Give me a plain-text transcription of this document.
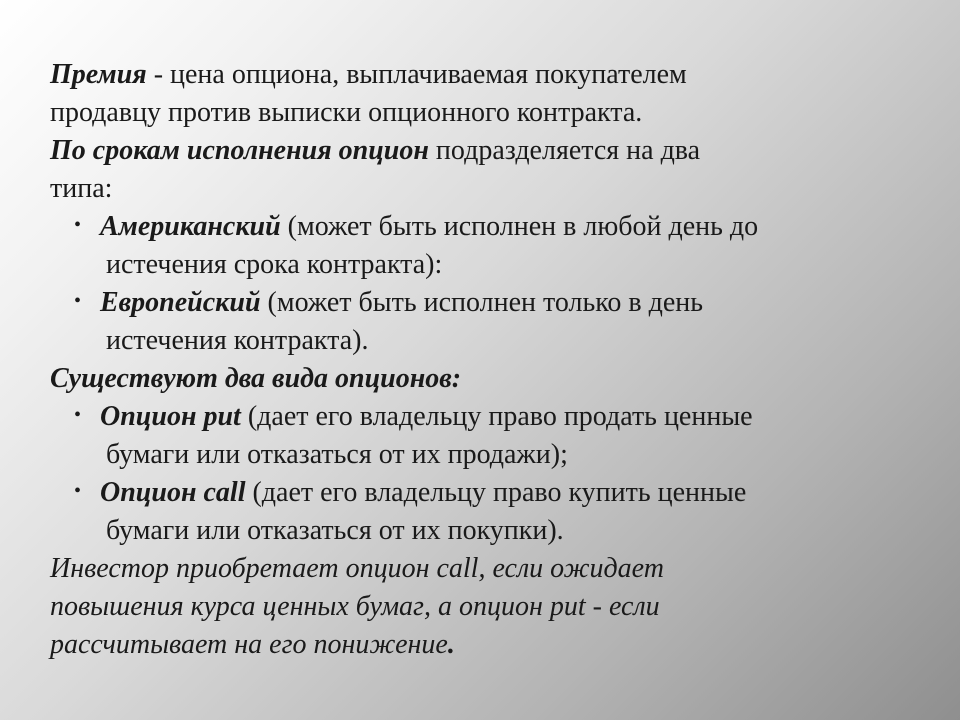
Премия - цена опциона, выплачиваемая покупателем
продавцу против выписки опционного контракта.
По срокам исполнения опцион подразделяется на два
типа:
• Американский (может быть исполнен в любой день до
истечения срока контракта):
• Европейский (может быть исполнен только в день
истечения контракта).
Существуют два вида опционов:
• Опцион put (дает его владельцу право продать ценные
бумаги или отказаться от их продажи);
• Опцион call (дает его владельцу право купить ценные
бумаги или отказаться от их покупки).
Инвестор приобретает опцион call, если ожидает
повышения курса ценных бумаг, а опцион put - если
рассчитывает на его понижение.
